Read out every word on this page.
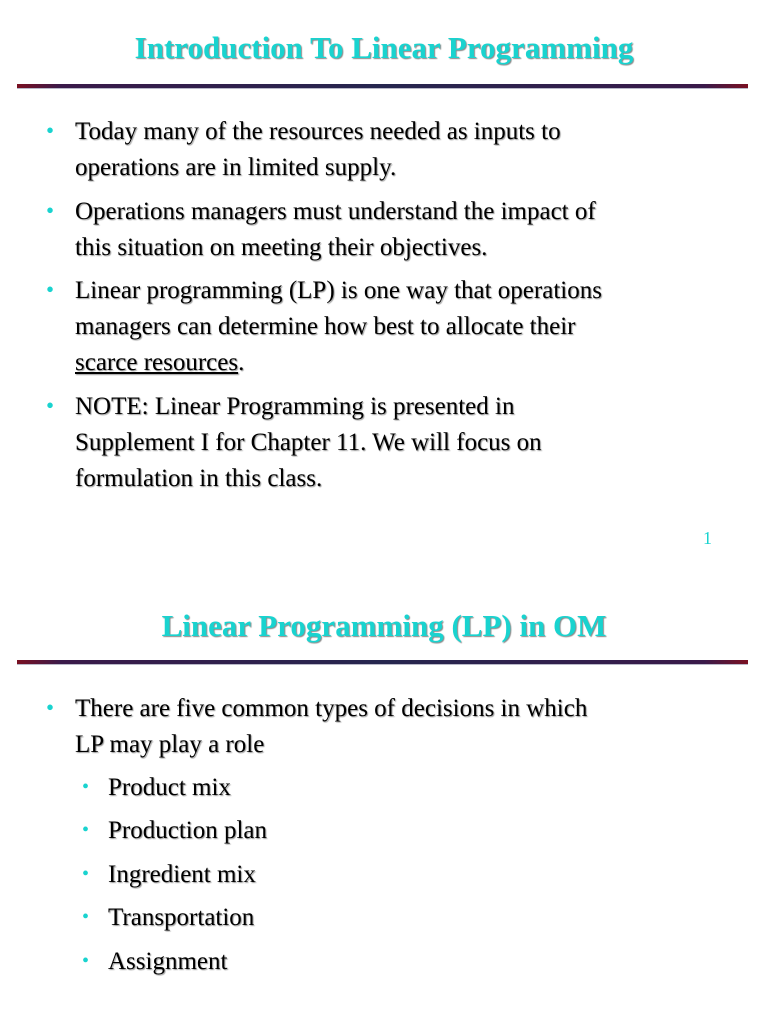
Introduction To Linear Programming
• Today many of the resources needed as inputs to
operations are in limited supply.
• Operations managers must understand the impact of
this situation on meeting their objectives.
• Linear programming (LP) is one way that operations
managers can determine how best to allocate their
scarce resources.
• NOTE: Linear Programming is presented in
Supplement I for Chapter 11. We will focus on
formulation in this class.
1
Linear Programming (LP) in OM
• There are five common types of decisions in which
LP may play a role
• Product mix
• Production plan
• Ingredient mix
• Transportation
• Assignment
